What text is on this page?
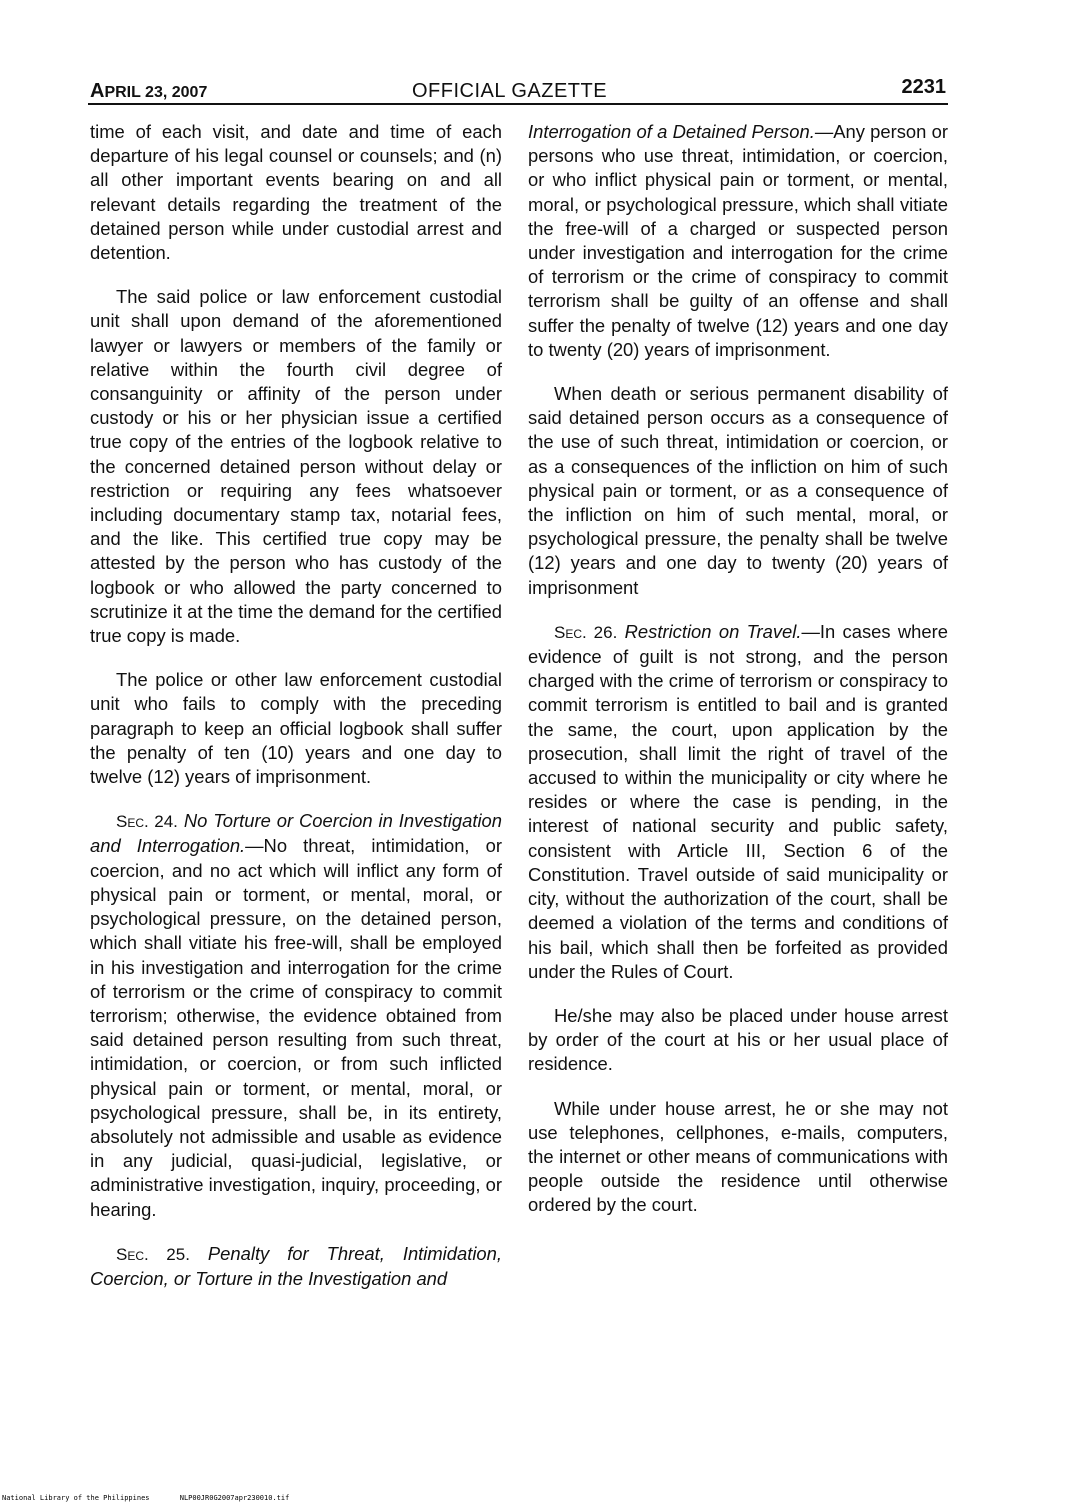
APRIL 23, 2007	OFFICIAL GAZETTE	2231

time of each visit, and date and time of each departure of his legal counsel or counsels; and (n) all other important events bearing on and all relevant details regarding the treatment of the detained person while under custodial arrest and detention.

The said police or law enforcement custodial unit shall upon demand of the aforementioned lawyer or lawyers or members of the family or relative within the fourth civil degree of consanguinity or affinity of the person under custody or his or her physician issue a certified true copy of the entries of the logbook relative to the concerned detained person without delay or restriction or requiring any fees whatsoever including documentary stamp tax, notarial fees, and the like. This certified true copy may be attested by the person who has custody of the logbook or who allowed the party concerned to scrutinize it at the time the demand for the certified true copy is made.

The police or other law enforcement custodial unit who fails to comply with the preceding paragraph to keep an official logbook shall suffer the penalty of ten (10) years and one day to twelve (12) years of imprisonment.

Sec. 24. No Torture or Coercion in Investigation and Interrogation.—No threat, intimidation, or coercion, and no act which will inflict any form of physical pain or torment, or mental, moral, or psychological pressure, on the detained person, which shall vitiate his free-will, shall be employed in his investigation and interrogation for the crime of terrorism or the crime of conspiracy to commit terrorism; otherwise, the evidence obtained from said detained person resulting from such threat, intimidation, or coercion, or from such inflicted physical pain or torment, or mental, moral, or psychological pressure, shall be, in its entirety, absolutely not admissible and usable as evidence in any judicial, quasi-judicial, legislative, or administrative investigation, inquiry, proceeding, or hearing.

Sec. 25. Penalty for Threat, Intimidation, Coercion, or Torture in the Investigation and

Interrogation of a Detained Person.—Any person or persons who use threat, intimidation, or coercion, or who inflict physical pain or torment, or mental, moral, or psychological pressure, which shall vitiate the free-will of a charged or suspected person under investigation and interrogation for the crime of terrorism or the crime of conspiracy to commit terrorism shall be guilty of an offense and shall suffer the penalty of twelve (12) years and one day to twenty (20) years of imprisonment.

When death or serious permanent disability of said detained person occurs as a consequence of the use of such threat, intimidation or coercion, or as a consequences of the infliction on him of such physical pain or torment, or as a consequence of the infliction on him of such mental, moral, or psychological pressure, the penalty shall be twelve (12) years and one day to twenty (20) years of imprisonment

Sec. 26. Restriction on Travel.—In cases where evidence of guilt is not strong, and the person charged with the crime of terrorism or conspiracy to commit terrorism is entitled to bail and is granted the same, the court, upon application by the prosecution, shall limit the right of travel of the accused to within the municipality or city where he resides or where the case is pending, in the interest of national security and public safety, consistent with Article III, Section 6 of the Constitution. Travel outside of said municipality or city, without the authorization of the court, shall be deemed a violation of the terms and conditions of his bail, which shall then be forfeited as provided under the Rules of Court.

He/she may also be placed under house arrest by order of the court at his or her usual place of residence.

While under house arrest, he or she may not use telephones, cellphones, e-mails, computers, the internet or other means of communications with people outside the residence until otherwise ordered by the court.

National Library of the Philippines	NLP00JR0G2007apr230010.tif
